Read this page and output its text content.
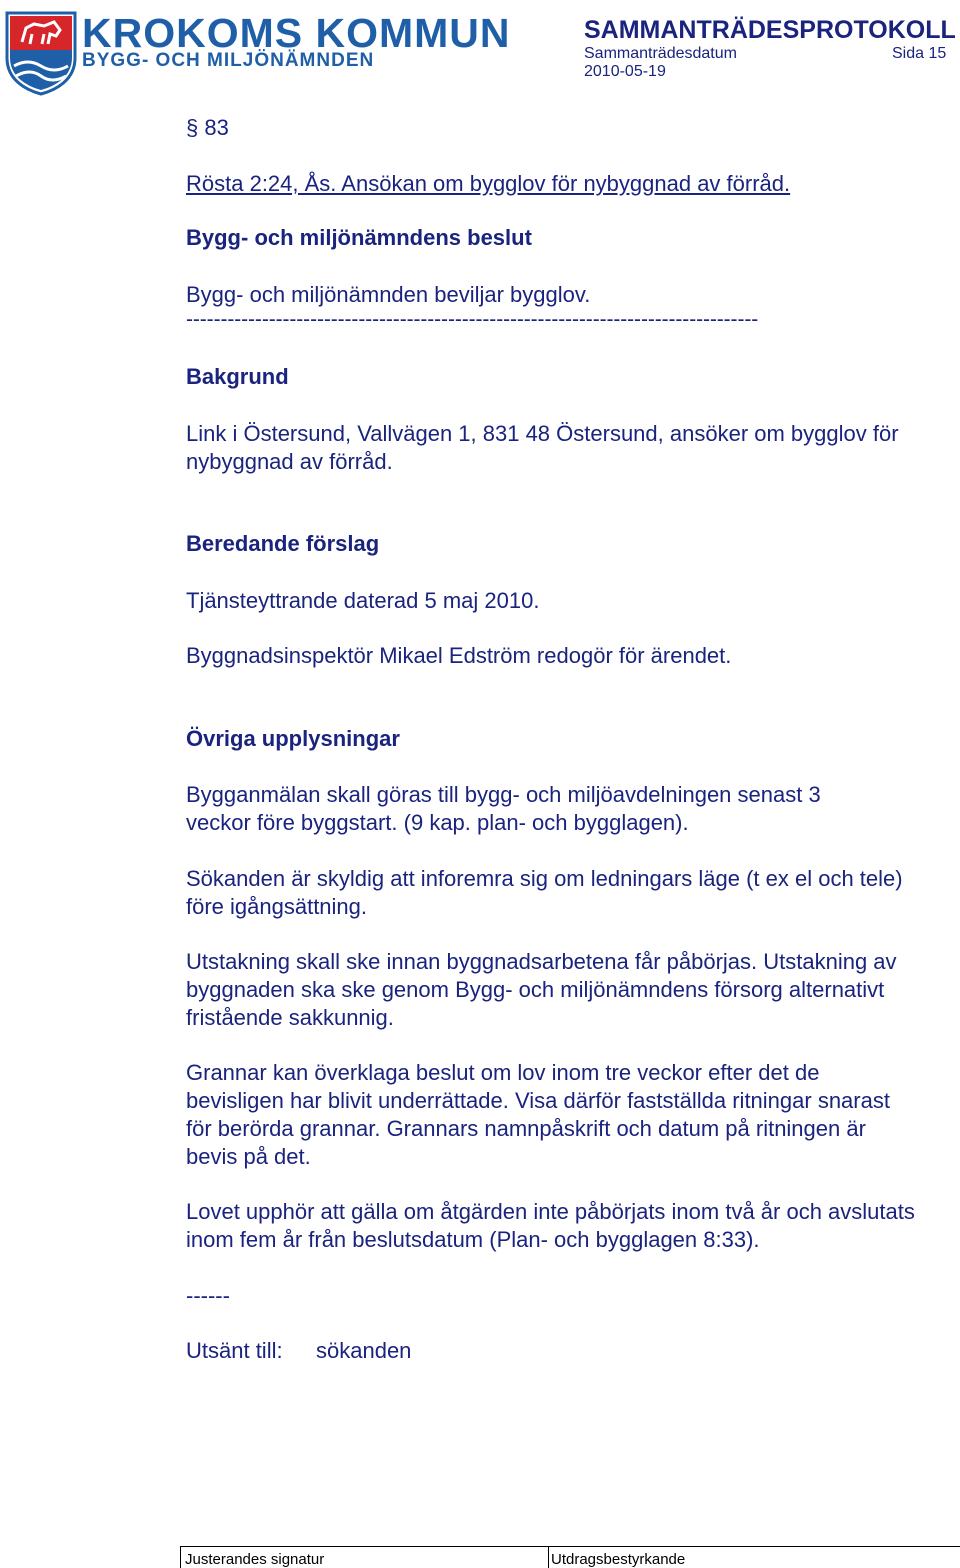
KROKOMS KOMMUN
BYGG- OCH MILJÖNÄMNDEN
SAMMANTRÄDESPROTOKOLL
Sammanträdesdatum	Sida 15
2010-05-19
§ 83
Rösta 2:24, Ås. Ansökan om bygglov för nybyggnad av förråd.
Bygg- och miljönämndens beslut
Bygg- och miljönämnden beviljar bygglov.
-----------------------------------------------------------------------------------
Bakgrund
Link i Östersund, Vallvägen 1, 831 48 Östersund, ansöker om bygglov för nybyggnad av förråd.
Beredande förslag
Tjänsteyttrande daterad 5 maj 2010.
Byggnadsinspektör Mikael Edström redogör för ärendet.
Övriga upplysningar
Bygganmälan skall göras till bygg- och miljöavdelningen senast 3 veckor före byggstart. (9 kap. plan- och bygglagen).
Sökanden är skyldig att inforemra sig om ledningars läge (t ex el och tele) före igångsättning.
Utstakning skall ske innan byggnadsarbetena får påbörjas. Utstakning av byggnaden ska ske genom Bygg- och miljönämndens försorg alternativt fristående sakkunnig.
Grannar kan överklaga beslut om lov inom tre veckor efter det de bevisligen har blivit underrättade. Visa därför fastställda ritningar snarast för berörda grannar. Grannars namnpåskrift och datum på ritningen är bevis på det.
Lovet upphör att gälla om åtgärden inte påbörjats inom två år och avslutats inom fem år från beslutsdatum (Plan- och bygglagen 8:33).
------
Utsänt till: sökanden
Justerandes signatur	Utdragsbestyrkande
